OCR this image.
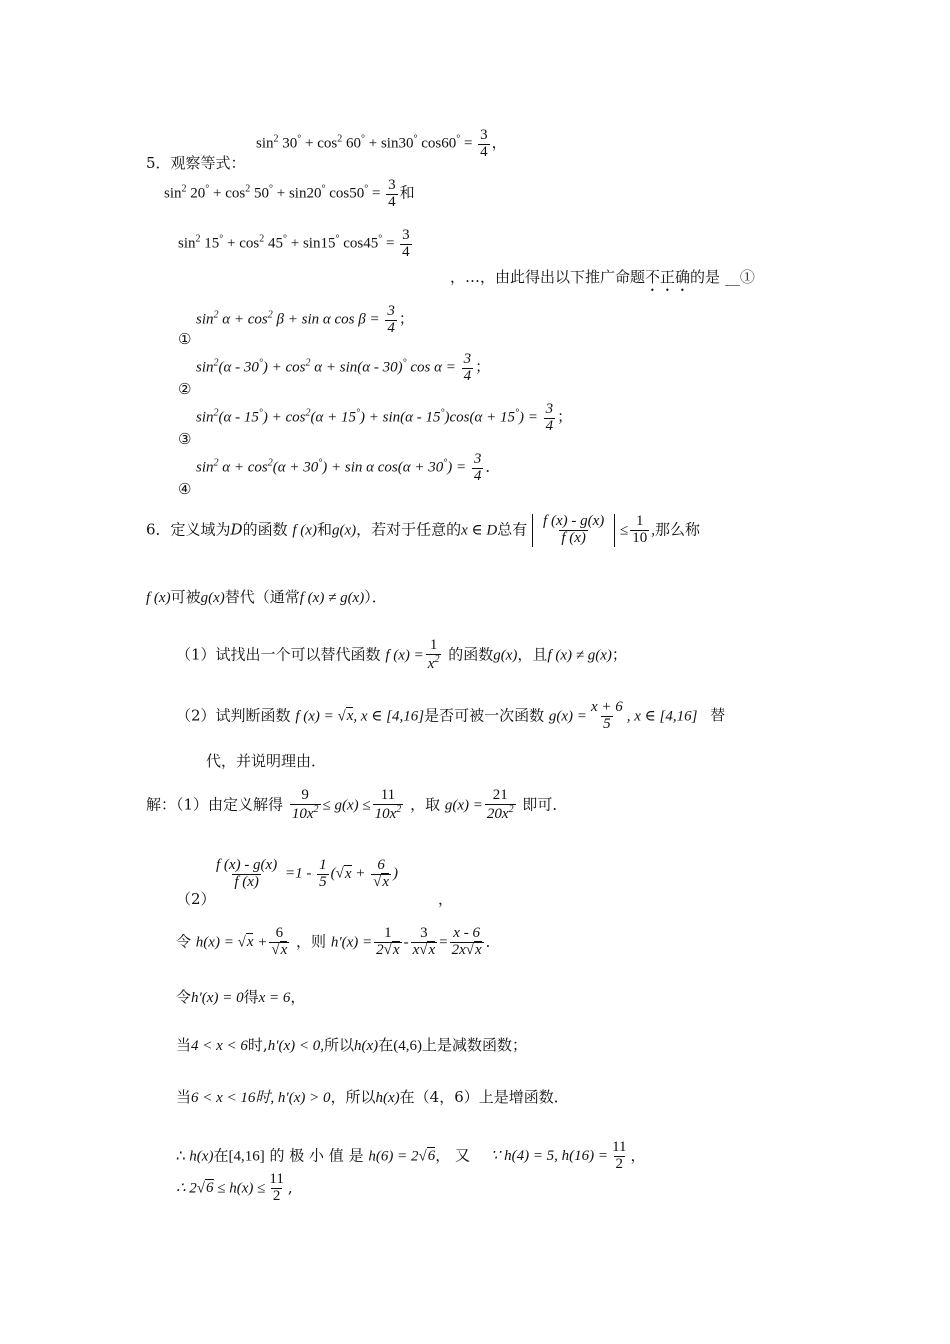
$\sin^2 30^\circ + \cos^2 60^\circ + \sin 30^\circ$ $\cos 60^\circ = \frac{3}{4}$ ，
5．观察等式：
$\sin^2 20^\circ + \cos^2 50^\circ + \sin 20^\circ$ $\cos 50^\circ = \frac{3}{4}$ 和
$\sin^2 15^\circ + \cos^2 45^\circ + \sin 15^\circ$ $\cos 45^\circ = \frac{3}{4}$
，…，由此得出以下推广命题不正确的是 __①
$\sin^2 \alpha + \cos^2 \beta + \sin \alpha$ $\cos \beta = \frac{3}{4}$ ；
①
$\sin^2(\alpha - 30^\circ) + \cos^2 \alpha + \sin(\alpha - 30)^\circ$ $\cos \alpha = \frac{3}{4}$ ；
②
$\sin^2(\alpha - 15^\circ) + \cos^2(\alpha + 15^\circ) + \sin(\alpha - 15^\circ)\cos(\alpha + 15^\circ) = \frac{3}{4}$ ；
③
$\sin^2 \alpha + \cos^2(\alpha + 30^\circ) + \sin \alpha$ $\cos(\alpha + 30^\circ) = \frac{3}{4}$ ．
④
6．定义域为D的函数 f (x)和g(x)，若对于任意的x ∈ D总有 $\frac{f (x) - g(x)}{f (x)} \le \frac{1}{10}$ ,那么称
f (x)可被g(x)替代（通常f (x) ≠ g(x)）．
（1）试找出一个可以替代函数 f $(x) = \frac{1}{x^2}$ 的函数g(x)，且f (x) ≠ g(x)；
（2）试判断函数 f (x) = √x, x ∈ [4,16]是否可被一次函数 $g(x) = \frac{x + 6}{5}$ , x ∈ [4,16] 替
代，并说明理由．
解：（1）由定义解得 $\frac{9}{10x^2} \le g(x) \le \frac{11}{10x^2}$ ，取 $g(x) = \frac{21}{20x^2}$ 即可．
$\frac{f (x) - g(x)}{f (x)} =1 - \frac{1}{5} (√x + \frac{6}{√x}$ )
（2）	，
令 $h(x) = √x + \frac{6}{√x}$ ，则 $h'(x) = \frac{1}{2√x} - \frac{3}{x√x} = \frac{x - 6}{2x√x}$ ．
令h′(x) = 0得x = 6，
当4 < x < 6时,h′(x) < 0,所以h(x)在(4,6)上是减数函数；
当6 < x < 16时, h′(x) > 0，所以h(x)在（4，6）上是增函数．
∴ h(x)在[4,16] 的 极 小 值 是 h(6) = 2√6， 又 ∵ h(4) = 5, $h(16) = \frac{11}{2}$ ，
∴ $2√6 \le h(x) \le \frac{11}{2}$ ,
